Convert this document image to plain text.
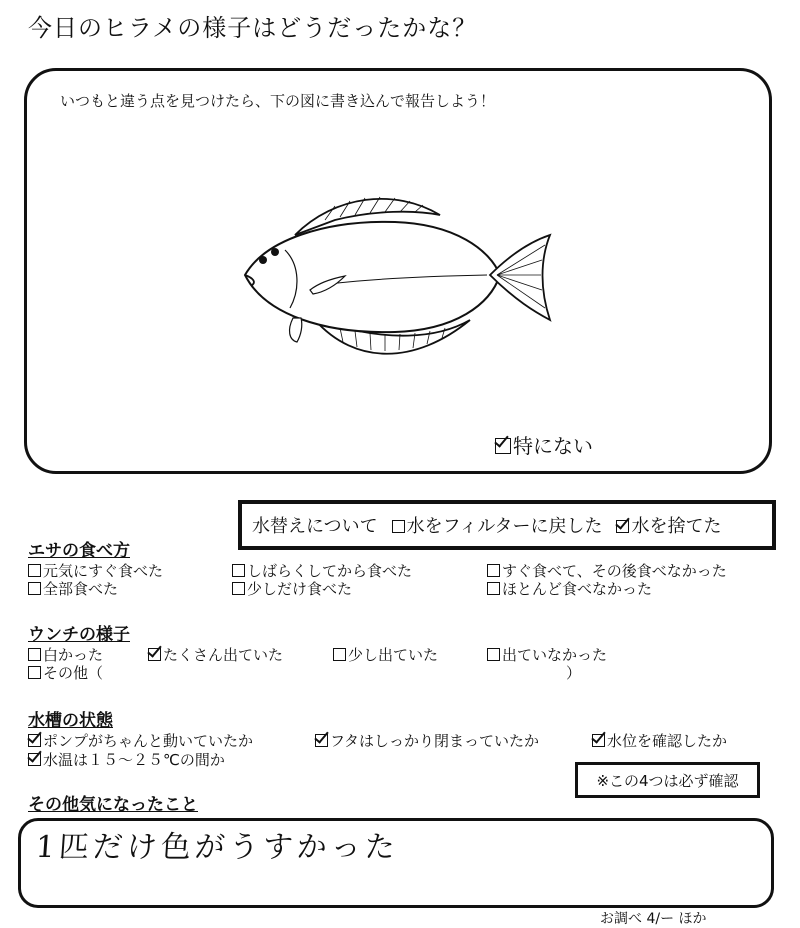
今日のヒラメの様子はどうだったかな？
いつもと違う点を見つけたら、下の図に書き込んで報告しよう！
特にない
水替えについて	水をフィルターに戻した	水を捨てた
エサの食べ方
元気にすぐ食べた	しばらくしてから食べた	すぐ食べて、その後食べなかった
全部食べた	少しだけ食べた	ほとんど食べなかった
ウンチの様子
白かった	たくさん出ていた	少し出ていた	出ていなかった
その他（	）
水槽の状態
ポンプがちゃんと動いていたか	フタはしっかり閉まっていたか	水位を確認したか
水温は１５～２５℃の間か
※この4つは必ず確認
その他気になったこと
1匹だけ色がうすかった
お調べ 4/ー ほか
